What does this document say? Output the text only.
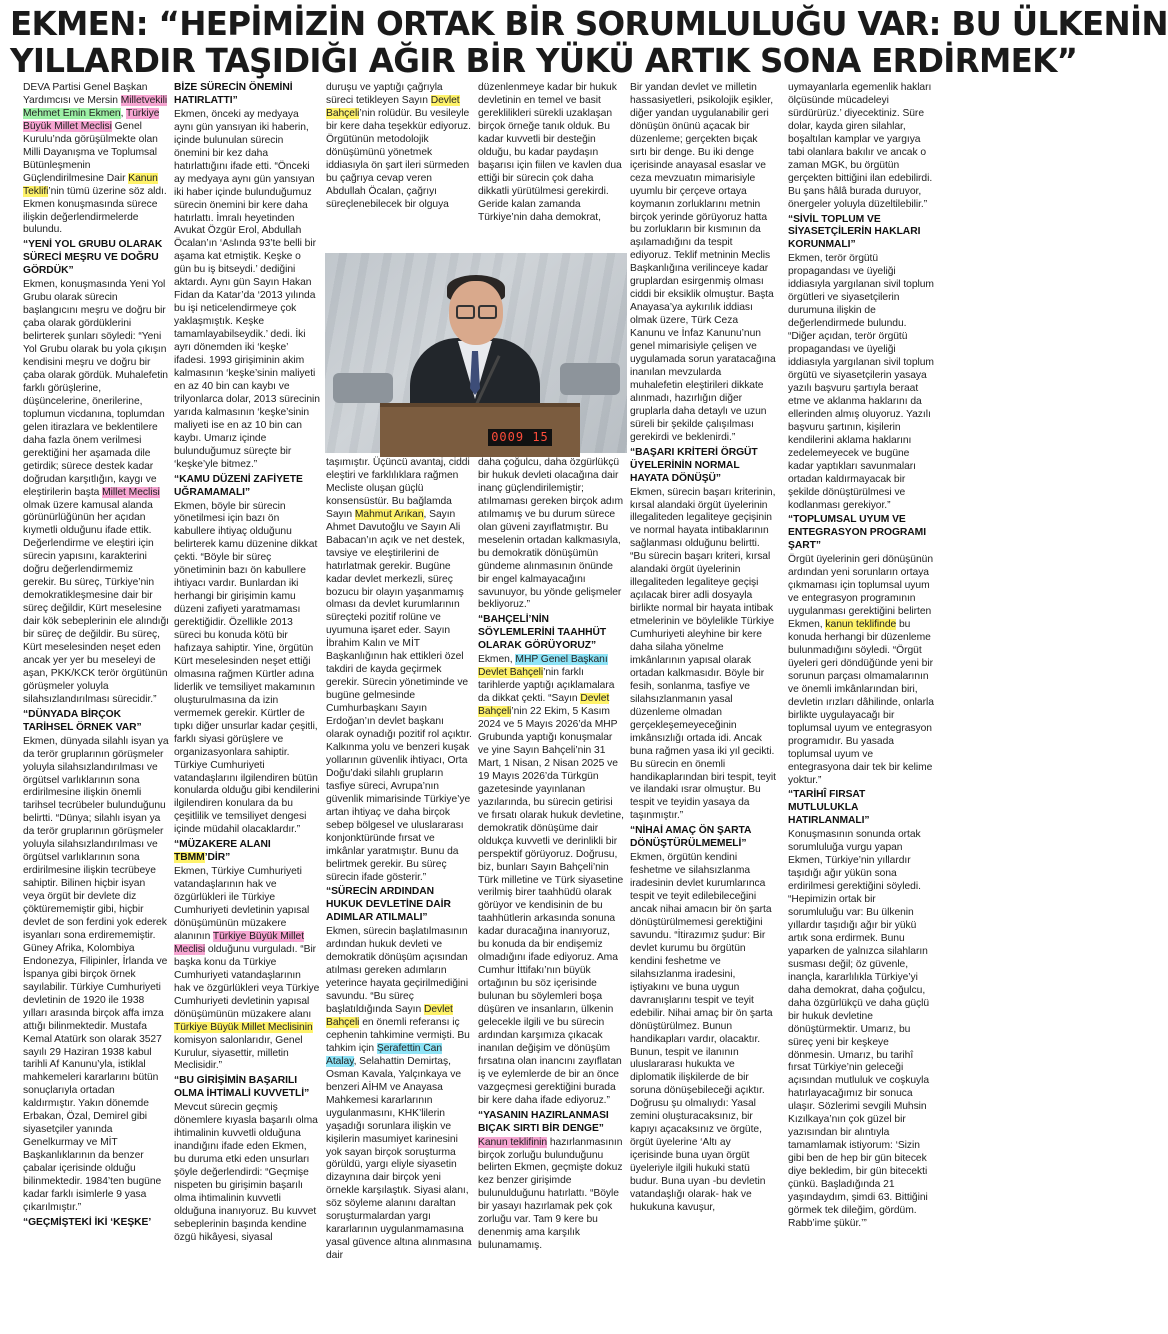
EKMEN: “HEPİMİZİN ORTAK BİR SORUMLULUĞU VAR: BU ÜLKENİN
YILLARDIR TAŞIDIĞI AĞIR BİR YÜKÜ ARTIK SONA ERDİRMEK”

DEVA Partisi Genel Başkan Yardımcısı ve Mersin Milletvekili Mehmet Emin Ekmen, Türkiye Büyük Millet Meclisi Genel Kurulu’nda görüşülmekte olan Milli Dayanışma ve Toplumsal Bütünleşmenin Güçlendirilmesine Dair Kanun Teklifi’nin tümü üzerine söz aldı. Ekmen konuşmasında sürece ilişkin değerlendirmelerde bulundu.

“YENİ YOL GRUBU OLARAK SÜRECİ MEŞRU VE DOĞRU GÖRDÜK”

Ekmen, konuşmasında Yeni Yol Grubu olarak sürecin başlangıcını meşru ve doğru bir çaba olarak gördüklerini belirterek şunları söyledi: “Yeni Yol Grubu olarak bu yola çıkışın kendisini meşru ve doğru bir çaba olarak gördük. Muhalefetin farklı görüşlerine, düşüncelerine, önerilerine, toplumun vicdanına, toplumdan gelen itirazlara ve beklentilere daha fazla önem verilmesi gerektiğini her aşamada dile getirdik; sürece destek kadar doğrudan karşıtlığın, kaygı ve eleştirilerin başta Millet Meclisi olmak üzere kamusal alanda görünürlüğünün her açıdan kıymetli olduğunu ifade ettik. Değerlendirme ve eleştiri için sürecin yapısını, karakterini doğru değerlendirmemiz gerekir. Bu süreç, Türkiye’nin demokratikleşmesine dair bir süreç değildir, Kürt meselesine dair kök sebeplerinin ele alındığı bir süreç de değildir. Bu süreç, Kürt meselesinden neşet eden ancak yer yer bu meseleyi de aşan, PKK/KCK terör örgütünün görüşmeler yoluyla silahsızlandırılması sürecidir.”

“DÜNYADA BİRÇOK TARİHSEL ÖRNEK VAR”

Ekmen, dünyada silahlı isyan ya da terör gruplarının görüşmeler yoluyla silahsızlandırılması ve örgütsel varlıklarının sona erdirilmesine ilişkin önemli tarihsel tecrübeler bulunduğunu belirtti. “Dünya; silahlı isyan ya da terör gruplarının görüşmeler yoluyla silahsızlandırılması ve örgütsel varlıklarının sona erdirilmesine ilişkin tecrübeye sahiptir. Bilinen hiçbir isyan veya örgüt bir devlete diz çöktürememiştir gibi, hiçbir devlet de son ferdini yok ederek isyanları sona erdirememiştir. Güney Afrika, Kolombiya Endonezya, Filipinler, İrlanda ve İspanya gibi birçok örnek sayılabilir. Türkiye Cumhuriyeti devletinin de 1920 ile 1938 yılları arasında birçok affa imza attığı bilinmektedir. Mustafa Kemal Atatürk son olarak 3527 sayılı 29 Haziran 1938 kabul tarihli Af Kanunu’yla, istiklal mahkemeleri kararlarını bütün sonuçlarıyla ortadan kaldırmıştır. Yakın dönemde Erbakan, Özal, Demirel gibi siyasetçiler yanında Genelkurmay ve MİT Başkanlıklarının da benzer çabalar içerisinde olduğu bilinmektedir. 1984’ten bugüne kadar farklı isimlerle 9 yasa çıkarılmıştır.”

“GEÇMİŞTEKİ İKİ ‘KEŞKE’
BİZE SÜRECİN ÖNEMİNİ HATIRLATTI”

Ekmen, önceki ay medyaya aynı gün yansıyan iki haberin, içinde bulunulan sürecin önemini bir kez daha hatırlattığını ifade etti. “Önceki ay medyaya aynı gün yansıyan iki haber içinde bulunduğumuz sürecin önemini bir kere daha hatırlattı. İmralı heyetinden Avukat Özgür Erol, Abdullah Öcalan’ın ‘Aslında 93’te belli bir aşama kat etmiştik. Keşke o gün bu iş bitseydi.’ dediğini aktardı. Aynı gün Sayın Hakan Fidan da Katar’da ‘2013 yılında bu işi neticelendirmeye çok yaklaşmıştık. Keşke tamamlayabilseydik.’ dedi. İki ayrı dönemden iki ‘keşke’ ifadesi. 1993 girişiminin akim kalmasının ‘keşke’sinin maliyeti en az 40 bin can kaybı ve trilyonlarca dolar, 2013 sürecinin yarıda kalmasının ‘keşke’sinin maliyeti ise en az 10 bin can kaybı. Umarız içinde bulunduğumuz süreçte bir ‘keşke’yle bitmez.”

“KAMU DÜZENİ ZAFİYETE UĞRAMAMALI”

Ekmen, böyle bir sürecin yönetilmesi için bazı ön kabullere ihtiyaç olduğunu belirterek kamu düzenine dikkat çekti. “Böyle bir süreç yönetiminin bazı ön kabullere ihtiyacı vardır. Bunlardan iki herhangi bir girişimin kamu düzeni zafiyeti yaratmaması gerektiğidir. Özellikle 2013 süreci bu konuda kötü bir hafızaya sahiptir. Yine, örgütün Kürt meselesinden neşet ettiği olmasına rağmen Kürtler adına liderlik ve temsiliyet makamının oluşturulmasına da izin vermemek gerekir. Kürtler de tıpkı diğer unsurlar kadar çeşitli, farklı siyasi görüşlere ve organizasyonlara sahiptir. Türkiye Cumhuriyeti vatandaşlarını ilgilendiren bütün konularda olduğu gibi kendilerini ilgilendiren konulara da bu çeşitlilik ve temsiliyet dengesi içinde müdahil olacaklardır.”

“MÜZAKERE ALANI TBMM’DİR”

Ekmen, Türkiye Cumhuriyeti vatandaşlarının hak ve özgürlükleri ile Türkiye Cumhuriyeti devletinin yapısal dönüşümünün müzakere alanının Türkiye Büyük Millet Meclisi olduğunu vurguladı. “Bir başka konu da Türkiye Cumhuriyeti vatandaşlarının hak ve özgürlükleri veya Türkiye Cumhuriyeti devletinin yapısal dönüşümünün müzakere alanı Türkiye Büyük Millet Meclisinin komisyon salonlarıdır, Genel Kurulur, siyasettir, milletin Meclisidir.”

“BU GİRİŞİMİN BAŞARILI OLMA İHTİMALİ KUVVETLİ”

Mevcut sürecin geçmiş dönemlere kıyasla başarılı olma ihtimalinin kuvvetli olduğuna inandığını ifade eden Ekmen, bu duruma etki eden unsurları şöyle değerlendirdi: “Geçmişe nispeten bu girişimin başarılı olma ihtimalinin kuvvetli olduğuna inanıyoruz. Bu kuvvet sebeplerinin başında kendine özgü hikâyesi, siyasal

duruşu ve yaptığı çağrıyla süreci tetikleyen Sayın Devlet Bahçeli’nin rolüdür. Bu vesileyle bir kere daha teşekkür ediyoruz. Örgütünün metodolojik dönüşümünü yönetmek iddiasıyla ön şart ileri sürmeden bu çağrıya cevap veren Abdullah Öcalan, çağrıyı süreçlenebilecek bir olguya

taşımıştır. Üçüncü avantaj, ciddi eleştiri ve farklılıklara rağmen Mecliste oluşan güçlü konsensüstür. Bu bağlamda Sayın Mahmut Arıkan, Sayın Ahmet Davutoğlu ve Sayın Ali Babacan’ın açık ve net destek, tavsiye ve eleştirilerini de hatırlatmak gerekir. Bugüne kadar devlet merkezli, süreç bozucu bir olayın yaşanmamış olması da devlet kurumlarının süreçteki pozitif rolüne ve uyumuna işaret eder. Sayın İbrahim Kalın ve MİT Başkanlığının hak ettikleri özel takdiri de kayda geçirmek gerekir. Sürecin yönetiminde ve bugüne gelmesinde Cumhurbaşkanı Sayın Erdoğan’ın devlet başkanı olarak oynadığı pozitif rol açıktır. Kalkınma yolu ve benzeri kuşak yollarının güvenlik ihtiyacı, Orta Doğu’daki silahlı grupların tasfiye süreci, Avrupa’nın güvenlik mimarisinde Türkiye’ye artan ihtiyaç ve daha birçok sebep bölgesel ve uluslararası konjonktüründe fırsat ve imkânlar yaratmıştır. Bunu da belirtmek gerekir. Bu süreç sürecin ifade gösterir.”

“SÜRECİN ARDINDAN HUKUK DEVLETİNE DAİR ADIMLAR ATILMALI”

Ekmen, sürecin başlatılmasının ardından hukuk devleti ve demokratik dönüşüm açısından atılması gereken adımların yeterince hayata geçirilmediğini savundu. “Bu süreç başlatıldığında Sayın Devlet Bahçeli en önemli referansı iç cephenin tahkimine vermişti. Bu tahkim için Şerafettin Can Atalay, Selahattin Demirtaş, Osman Kavala, Yalçınkaya ve benzeri AİHM ve Anayasa Mahkemesi kararlarının uygulanmasını, KHK’lilerin yaşadığı sorunlara ilişkin ve kişilerin masumiyet karinesini yok sayan birçok soruşturma görüldü, yargı eliyle siyasetin dizaynına dair birçok yeni örnekle karşılaştık. Siyasi alanı, söz söyleme alanını daraltan soruşturmalardan yargı kararlarının uygulanmamasına yasal güvence altına alınmasına dair

düzenlenmeye kadar bir hukuk devletinin en temel ve basit gereklilikleri sürekli uzaklaşan birçok örneğe tanık olduk. Bu kadar kuvvetli bir desteğin olduğu, bu kadar paydaşın başarısı için fiilen ve kavlen dua ettiği bir sürecin çok daha dikkatli yürütülmesi gerekirdi. Geride kalan zamanda Türkiye’nin daha demokrat,

daha çoğulcu, daha özgürlükçü bir hukuk devleti olacağına dair inanç güçlendirilemiştir; atılmaması gereken birçok adım atılmamış ve bu durum sürece olan güveni zayıflatmıştır. Bu meselenin ortadan kalkmasıyla, bu demokratik dönüşümün gündeme alınmasının önünde bir engel kalmayacağını savunuyor, bu yönde gelişmeler bekliyoruz.”

“BAHÇELİ’NİN SÖYLEMLERİNİ TAAHHÜT OLARAK GÖRÜYORUZ”

Ekmen, MHP Genel Başkanı Devlet Bahçeli’nin farklı tarihlerde yaptığı açıklamalara da dikkat çekti. “Sayın Devlet Bahçeli’nin 22 Ekim, 5 Kasım 2024 ve 5 Mayıs 2026’da MHP Grubunda yaptığı konuşmalar ve yine Sayın Bahçeli’nin 31 Mart, 1 Nisan, 2 Nisan 2025 ve 19 Mayıs 2026’da Türkgün gazetesinde yayınlanan yazılarında, bu sürecin getirisi ve fırsatı olarak hukuk devletine, demokratik dönüşüme dair oldukça kuvvetli ve derinlikli bir perspektif görüyoruz. Doğrusu, biz, bunları Sayın Bahçeli’nin Türk milletine ve Türk siyasetine verilmiş birer taahhüdü olarak görüyor ve kendisinin de bu taahhütlerin arkasında sonuna kadar duracağına inanıyoruz, bu konuda da bir endişemiz olmadığını ifade ediyoruz. Ama Cumhur İttifakı’nın büyük ortağının bu söz içerisinde bulunan bu söylemleri boşa düşüren ve insanların, ülkenin gelecekle ilgili ve bu sürecin ardından karşımıza çıkacak inanılan değişim ve dönüşüm fırsatına olan inancını zayıflatan iş ve eylemlerde de bir an önce vazgeçmesi gerektiğini burada bir kere daha ifade ediyoruz.”

“YASANIN HAZIRLANMASI BIÇAK SIRTI BİR DENGE”

Kanun teklifinin hazırlanmasının birçok zorluğu bulunduğunu belirten Ekmen, geçmişte dokuz kez benzer girişimde bulunulduğunu hatırlattı. “Böyle bir yasayı hazırlamak pek çok zorluğu var. Tam 9 kere bu denenmiş ama karşılık bulunamamış.

Bir yandan devlet ve milletin hassasiyetleri, psikolojik eşikler, diğer yandan uygulanabilir geri dönüşün önünü açacak bir düzenleme; gerçekten bıçak sırtı bir denge. Bu iki denge içerisinde anayasal esaslar ve ceza mevzuatın mimarisiyle uyumlu bir çerçeve ortaya koymanın zorluklarını metnin birçok yerinde görüyoruz hatta bu zorlukların bir kısmının da aşılamadığını da tespit ediyoruz. Teklif metninin Meclis Başkanlığına verilinceye kadar gruplardan esirgenmiş olması ciddi bir eksiklik olmuştur. Başta Anayasa’ya aykırılık iddiası olmak üzere, Türk Ceza Kanunu ve İnfaz Kanunu’nun genel mimarisiyle çelişen ve uygulamada sorun yaratacağına inanılan mevzularda muhalefetin eleştirileri dikkate alınmadı, hazırlığın diğer gruplarla daha detaylı ve uzun süreli bir şekilde çalışılması gerekirdi ve beklenirdi.”

“BAŞARI KRİTERİ ÖRGÜT ÜYELERİNİN NORMAL HAYATA DÖNÜŞÜ”

Ekmen, sürecin başarı kriterinin, kırsal alandaki örgüt üyelerinin illegaliteden legaliteye geçişinin ve normal hayata intibaklarının sağlanması olduğunu belirtti. “Bu sürecin başarı kriteri, kırsal alandaki örgüt üyelerinin illegaliteden legaliteye geçişi açılacak birer adli dosyayla birlikte normal bir hayata intibak etmelerinin ve böylelikle Türkiye Cumhuriyeti aleyhine bir kere daha silaha yönelme imkânlarının yapısal olarak ortadan kalkmasıdır. Böyle bir fesih, sonlanma, tasfiye ve silahsızlanmanın yasal düzenleme olmadan gerçekleşemeyeceğinin imkânsızlığı ortada idi. Ancak buna rağmen yasa iki yıl gecikti. Bu sürecin en önemli handikaplarından biri tespit, teyit ve ilandaki ısrar olmuştur. Bu tespit ve teyidin yasaya da taşınmıştır.”

“NİHAİ AMAÇ ÖN ŞARTA DÖNÜŞTÜRÜLMEMELİ”

Ekmen, örgütün kendini feshetme ve silahsızlanma iradesinin devlet kurumlarınca tespit ve teyit edilebileceğini ancak nihai amacın bir ön şarta dönüştürülmemesi gerektiğini savundu. “İtirazımız şudur: Bir devlet kurumu bu örgütün kendini feshetme ve silahsızlanma iradesini, iştiyakını ve buna uygun davranışlarını tespit ve teyit edebilir. Nihai amaç bir ön şarta dönüştürülmez. Bunun handikapları vardır, olacaktır. Bunun, tespit ve ilanının uluslararası hukukta ve diplomatik ilişkilerde de bir soruna dönüşebileceği açıktır. Doğrusu şu olmalıydı: Yasal zemini oluşturacaksınız, bir kapıyı açacaksınız ve örgüte, örgüt üyelerine ‘Altı ay içerisinde buna uyan örgüt üyeleriyle ilgili hukuki statü budur. Buna uyan -bu devletin vatandaşlığı olarak- hak ve hukukuna kavuşur,

uymayanlarla egemenlik hakları ölçüsünde mücadeleyi sürdürürüz.’ diyecektiniz. Süre dolar, kayda giren silahlar, boşaltılan kamplar ve yargıya tabi olanlara bakılır ve ancak o zaman MGK, bu örgütün gerçekten bittiğini ilan edebilirdi. Bu şans hâlâ burada duruyor, önergeler yoluyla düzeltilebilir.”

“SİVİL TOPLUM VE SİYASETÇİLERİN HAKLARI KORUNMALI”

Ekmen, terör örgütü propagandası ve üyeliği iddiasıyla yargılanan sivil toplum örgütleri ve siyasetçilerin durumuna ilişkin de değerlendirmede bulundu. “Diğer açıdan, terör örgütü propagandası ve üyeliği iddiasıyla yargılanan sivil toplum örgütü ve siyasetçilerin yasaya yazılı başvuru şartıyla beraat etme ve aklanma haklarını da ellerinden almış oluyoruz. Yazılı başvuru şartının, kişilerin kendilerini aklama haklarını zedelemeyecek ve bugüne kadar yaptıkları savunmaları ortadan kaldırmayacak bir şekilde dönüştürülmesi ve kodlanması gerekiyor.”

“TOPLUMSAL UYUM VE ENTEGRASYON PROGRAMI ŞART”

Örgüt üyelerinin geri dönüşünün ardından yeni sorunların ortaya çıkmaması için toplumsal uyum ve entegrasyon programının uygulanması gerektiğini belirten Ekmen, kanun teklifinde bu konuda herhangi bir düzenleme bulunmadığını söyledi. “Örgüt üyeleri geri döndüğünde yeni bir sorunun parçası olmamalarının ve önemli imkânlarından biri, devletin ırızları dâhilinde, onlarla birlikte uygulayacağı bir toplumsal uyum ve entegrasyon programıdır. Bu yasada toplumsal uyum ve entegrasyona dair tek bir kelime yoktur.”

“TARİHÎ FIRSAT MUTLULUKLA HATIRLANMALI”

Konuşmasının sonunda ortak sorumluluğa vurgu yapan Ekmen, Türkiye’nin yıllardır taşıdığı ağır yükün sona erdirilmesi gerektiğini söyledi. “Hepimizin ortak bir sorumluluğu var: Bu ülkenin yıllardır taşıdığı ağır bir yükü artık sona erdirmek. Bunu yaparken de yalnızca silahların susması değil; öz güvenle, inançla, kararlılıkla Türkiye’yi daha demokrat, daha çoğulcu, daha özgürlükçü ve daha güçlü bir hukuk devletine dönüştürmektir. Umarız, bu süreç yeni bir keşkeye dönmesin. Umarız, bu tarihî fırsat Türkiye’nin geleceği açısından mutluluk ve coşkuyla hatırlayacağımız bir sonuca ulaşır. Sözlerimi sevgili Muhsin Kızılkaya’nın çok güzel bir yazısından bir alıntıyla tamamlamak istiyorum: ‘Sizin gibi ben de hep bir gün bitecek diye bekledim, bir gün bitecekti çünkü. Başladığında 21 yaşındaydım, şimdi 63. Bittiğini görmek tek dileğim, gördüm. Rabb’ime şükür.’”

0009 15
